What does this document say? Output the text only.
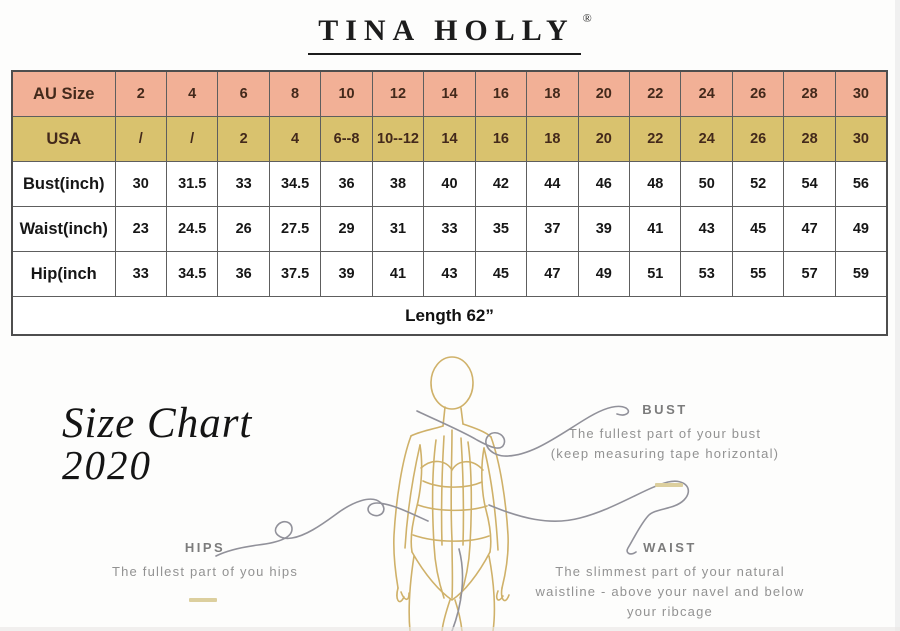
TINA HOLLY ®
AU Size	2	4	6	8	10	12	14	16	18	20	22	24	26	28	30
USA	/	/	2	4	6--8	10--12	14	16	18	20	22	24	26	28	30
Bust(inch)	30	31.5	33	34.5	36	38	40	42	44	46	48	50	52	54	56
Waist(inch)	23	24.5	26	27.5	29	31	33	35	37	39	41	43	45	47	49
Hip(inch	33	34.5	36	37.5	39	41	43	45	47	49	51	53	55	57	59
Length 62”															
Size Chart
2020
BUST
The fullest part of your bust
(keep measuring tape horizontal)
HIPS
The fullest part of you hips
WAIST
The slimmest part of your natural
waistline - above your navel and below
your ribcage
